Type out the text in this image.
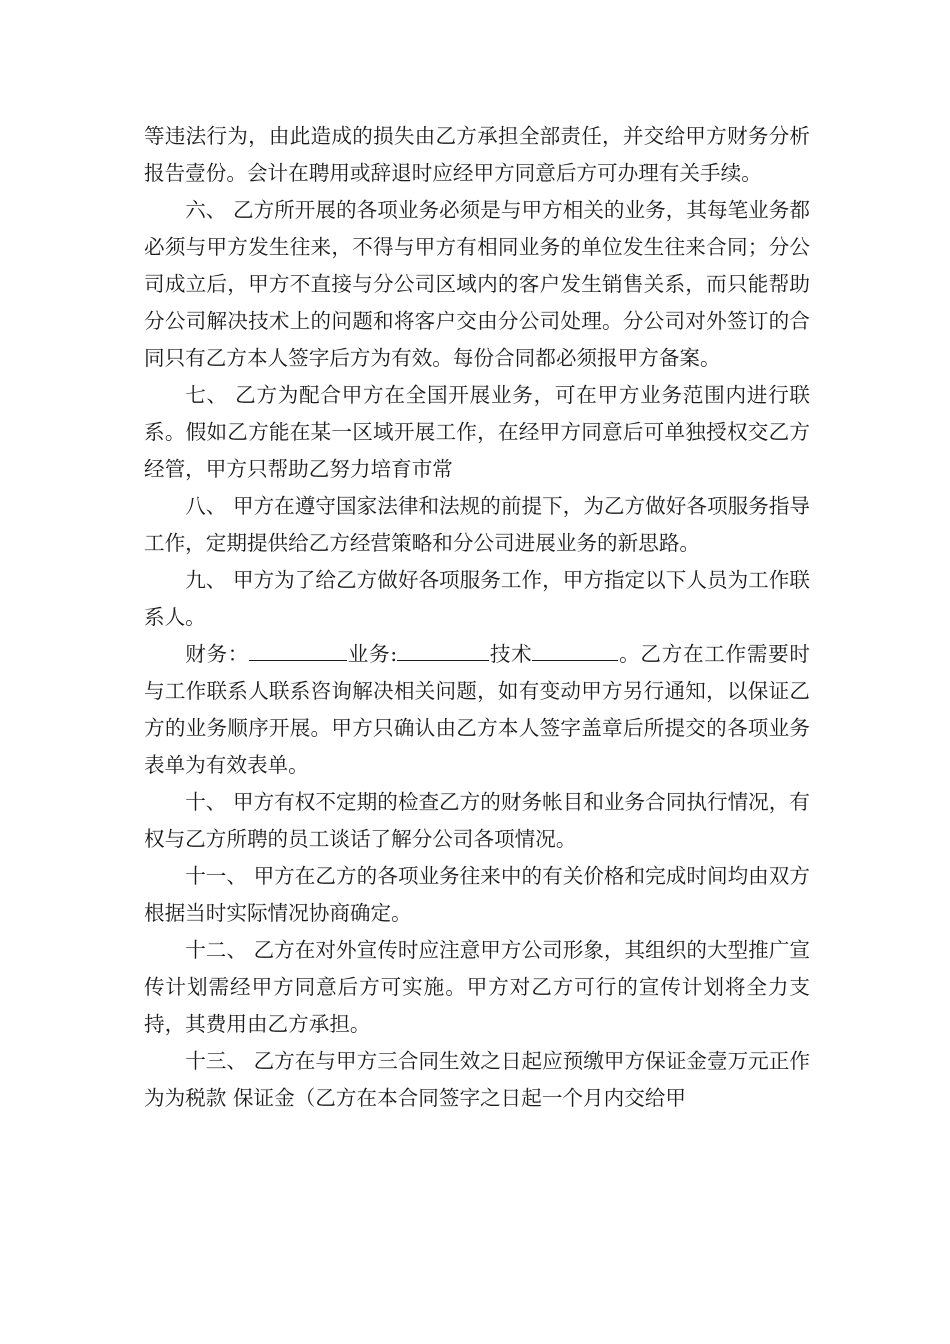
等违法行为，由此造成的损失由乙方承担全部责任，并交给甲方财务分析报告壹份。会计在聘用或辞退时应经甲方同意后方可办理有关手续。

六、 乙方所开展的各项业务必须是与甲方相关的业务，其每笔业务都必须与甲方发生往来，不得与甲方有相同业务的单位发生往来合同；分公司成立后，甲方不直接与分公司区域内的客户发生销售关系，而只能帮助分公司解决技术上的问题和将客户交由分公司处理。分公司对外签订的合同只有乙方本人签字后方为有效。每份合同都必须报甲方备案。

七、 乙方为配合甲方在全国开展业务，可在甲方业务范围内进行联系。假如乙方能在某一区域开展工作，在经甲方同意后可单独授权交乙方经管，甲方只帮助乙努力培育市常

八、 甲方在遵守国家法律和法规的前提下，为乙方做好各项服务指导工作，定期提供给乙方经营策略和分公司进展业务的新思路。

九、 甲方为了给乙方做好各项服务工作，甲方指定以下人员为工作联系人。

财务：	业务:	技术	。乙方在工作需要时与工作联系人联系咨询解决相关问题，如有变动甲方另行通知，以保证乙方的业务顺序开展。甲方只确认由乙方本人签字盖章后所提交的各项业务表单为有效表单。

十、 甲方有权不定期的检查乙方的财务帐目和业务合同执行情况，有权与乙方所聘的员工谈话了解分公司各项情况。

十一、 甲方在乙方的各项业务往来中的有关价格和完成时间均由双方根据当时实际情况协商确定。

十二、 乙方在对外宣传时应注意甲方公司形象，其组织的大型推广宣传计划需经甲方同意后方可实施。甲方对乙方可行的宣传计划将全力支持，其费用由乙方承担。

十三、 乙方在与甲方三合同生效之日起应预缴甲方保证金壹万元正作为为税款 保证金（乙方在本合同签字之日起一个月内交给甲
